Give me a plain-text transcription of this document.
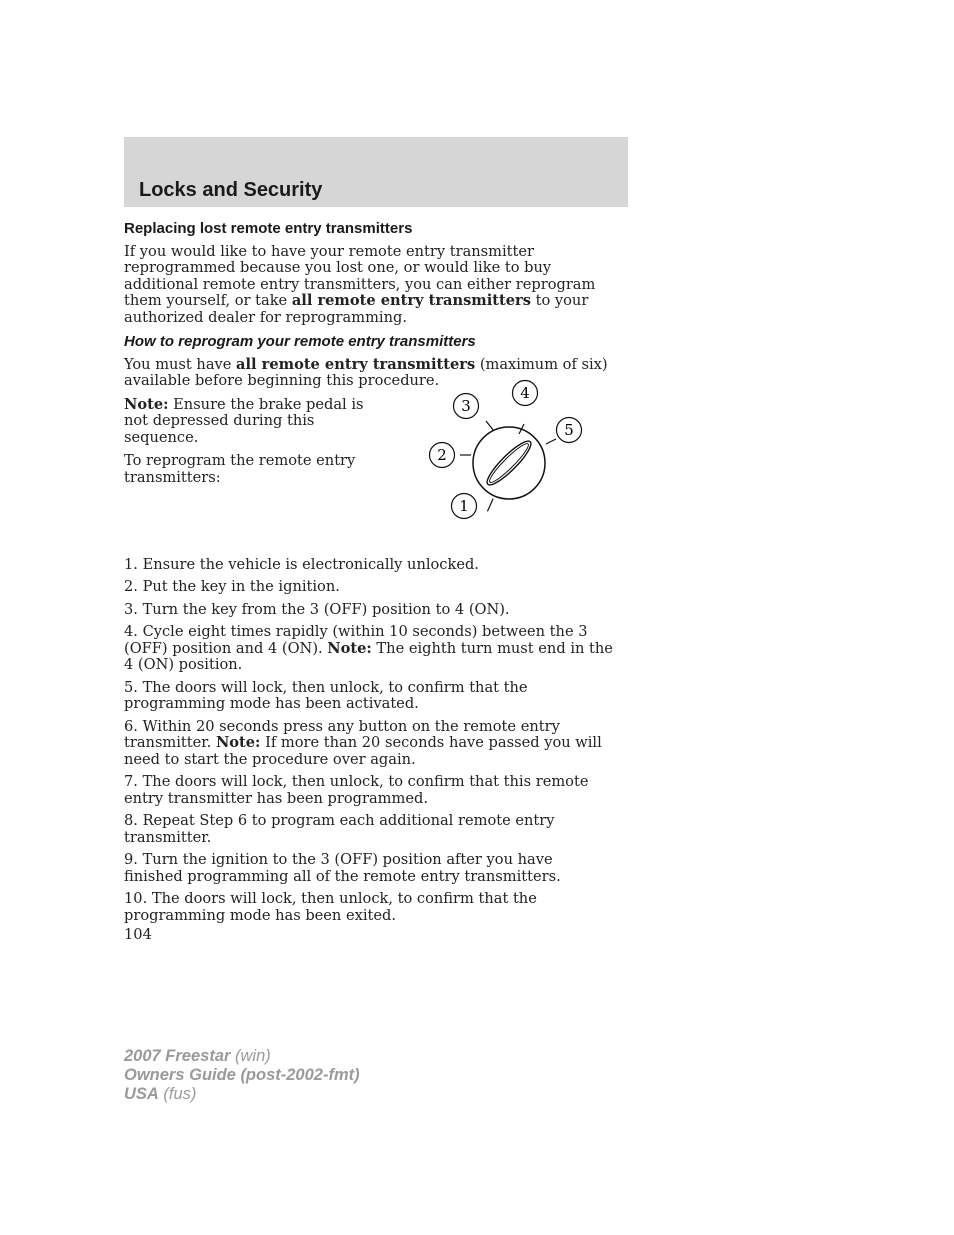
Locks and Security
Replacing lost remote entry transmitters

If you would like to have your remote entry transmitter reprogrammed because you lost one, or would like to buy additional remote entry transmitters, you can either reprogram them yourself, or take all remote entry transmitters to your authorized dealer for reprogramming.

How to reprogram your remote entry transmitters

You must have all remote entry transmitters (maximum of six) available before beginning this procedure.

Note: Ensure the brake pedal is not depressed during this sequence.

To reprogram the remote entry transmitters:

1
2
3
4
5

1. Ensure the vehicle is electronically unlocked.

2. Put the key in the ignition.

3. Turn the key from the 3 (OFF) position to 4 (ON).

4. Cycle eight times rapidly (within 10 seconds) between the 3 (OFF) position and 4 (ON). Note: The eighth turn must end in the 4 (ON) position.

5. The doors will lock, then unlock, to confirm that the programming mode has been activated.

6. Within 20 seconds press any button on the remote entry transmitter. Note: If more than 20 seconds have passed you will need to start the procedure over again.

7. The doors will lock, then unlock, to confirm that this remote entry transmitter has been programmed.

8. Repeat Step 6 to program each additional remote entry transmitter.

9. Turn the ignition to the 3 (OFF) position after you have finished programming all of the remote entry transmitters.

10. The doors will lock, then unlock, to confirm that the programming mode has been exited.

104
2007 Freestar (win)
Owners Guide (post-2002-fmt)
USA (fus)
